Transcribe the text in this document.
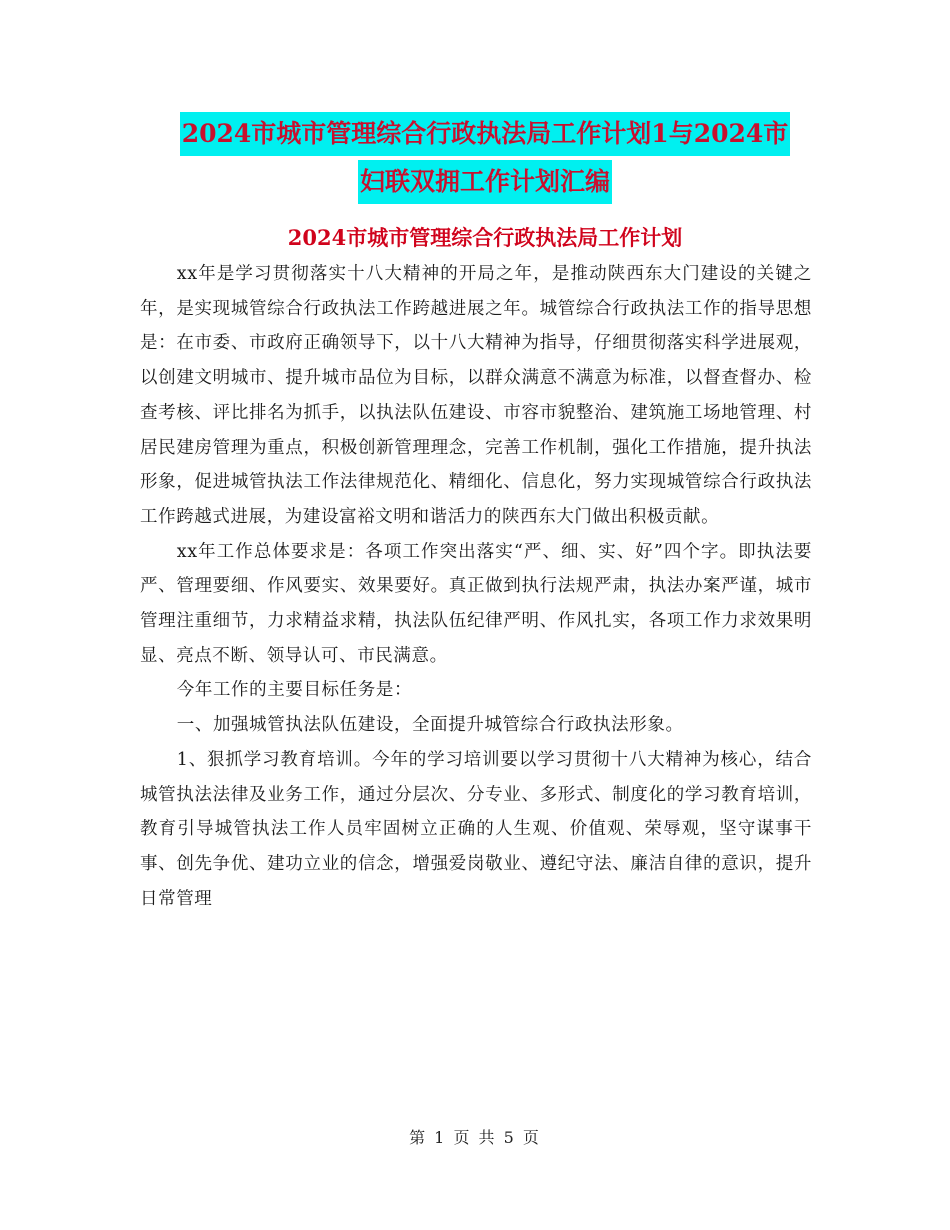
2024市城市管理综合行政执法局工作计划1与2024市
妇联双拥工作计划汇编
2024市城市管理综合行政执法局工作计划

xx年是学习贯彻落实十八大精神的开局之年，是推动陕西东大门建设的关键之年，是实现城管综合行政执法工作跨越进展之年。城管综合行政执法工作的指导思想是：在市委、市政府正确领导下，以十八大精神为指导，仔细贯彻落实科学进展观，以创建文明城市、提升城市品位为目标，以群众满意不满意为标准，以督查督办、检查考核、评比排名为抓手，以执法队伍建设、市容市貌整治、建筑施工场地管理、村居民建房管理为重点，积极创新管理理念，完善工作机制，强化工作措施，提升执法形象，促进城管执法工作法律规范化、精细化、信息化，努力实现城管综合行政执法工作跨越式进展，为建设富裕文明和谐活力的陕西东大门做出积极贡献。

xx年工作总体要求是：各项工作突出落实“严、细、实、好”四个字。即执法要严、管理要细、作风要实、效果要好。真正做到执行法规严肃，执法办案严谨，城市管理注重细节，力求精益求精，执法队伍纪律严明、作风扎实，各项工作力求效果明显、亮点不断、领导认可、市民满意。

今年工作的主要目标任务是：

一、加强城管执法队伍建设，全面提升城管综合行政执法形象。

1、狠抓学习教育培训。今年的学习培训要以学习贯彻十八大精神为核心，结合城管执法法律及业务工作，通过分层次、分专业、多形式、制度化的学习教育培训，教育引导城管执法工作人员牢固树立正确的人生观、价值观、荣辱观，坚守谋事干事、创先争优、建功立业的信念，增强爱岗敬业、遵纪守法、廉洁自律的意识，提升日常管理

第 1 页 共 5 页
